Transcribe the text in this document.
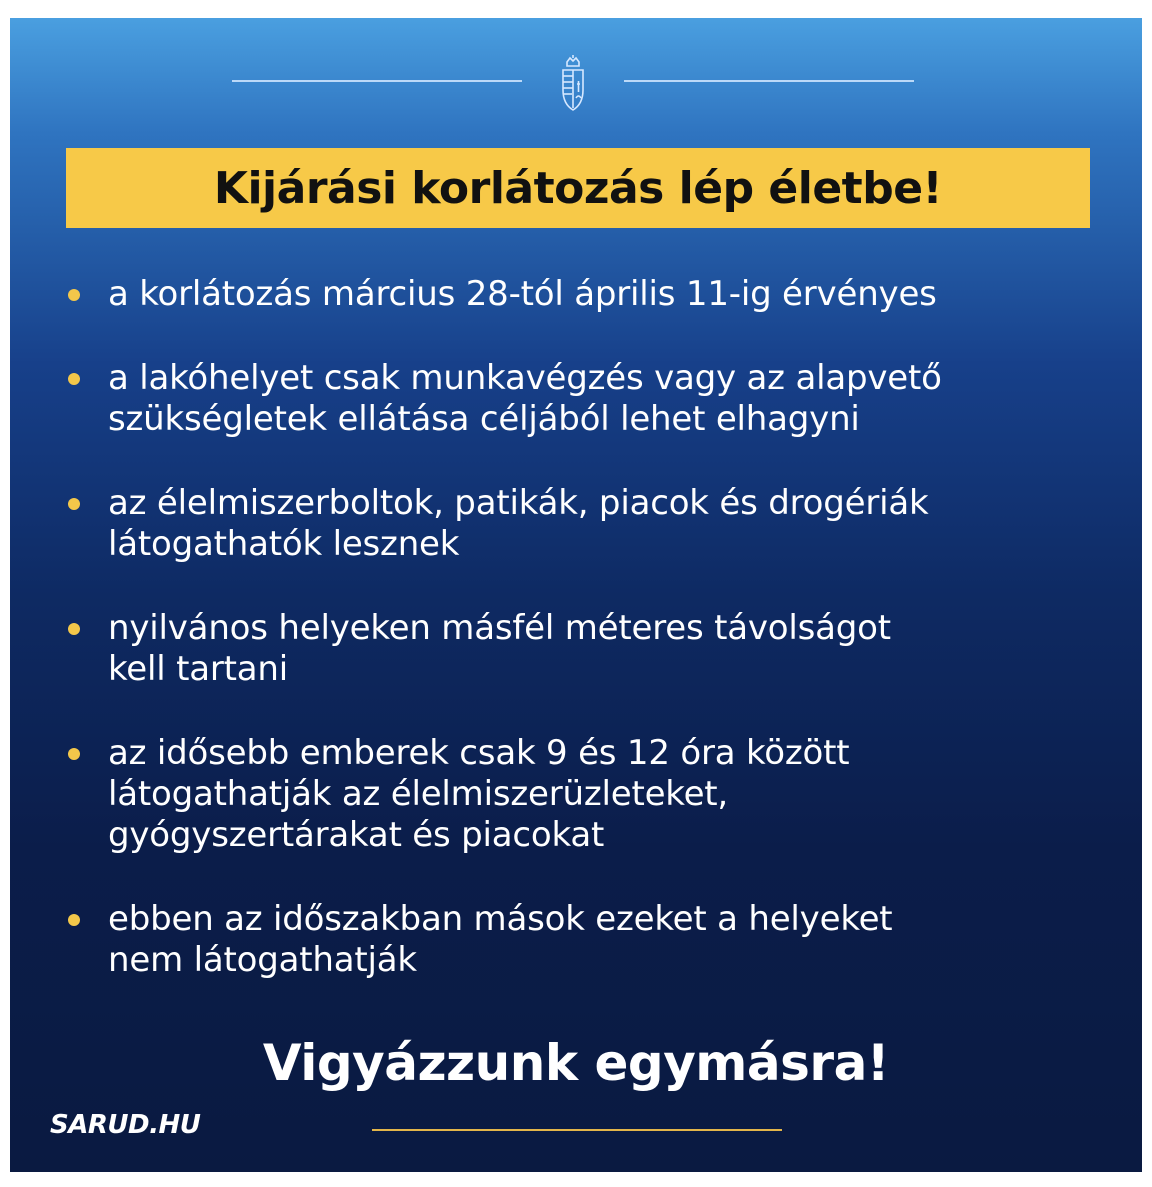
Kijárási korlátozás lép életbe!
a korlátozás március 28-tól április 11-ig érvényes
a lakóhelyet csak munkavégzés vagy az alapvető
szükségletek ellátása céljából lehet elhagyni
az élelmiszerboltok, patikák, piacok és drogériák
látogathatók lesznek
nyilvános helyeken másfél méteres távolságot
kell tartani
az idősebb emberek csak 9 és 12 óra között
látogathatják az élelmiszerüzleteket,
gyógyszertárakat és piacokat
ebben az időszakban mások ezeket a helyeket
nem látogathatják
Vigyázzunk egymásra!
SARUD.HU
